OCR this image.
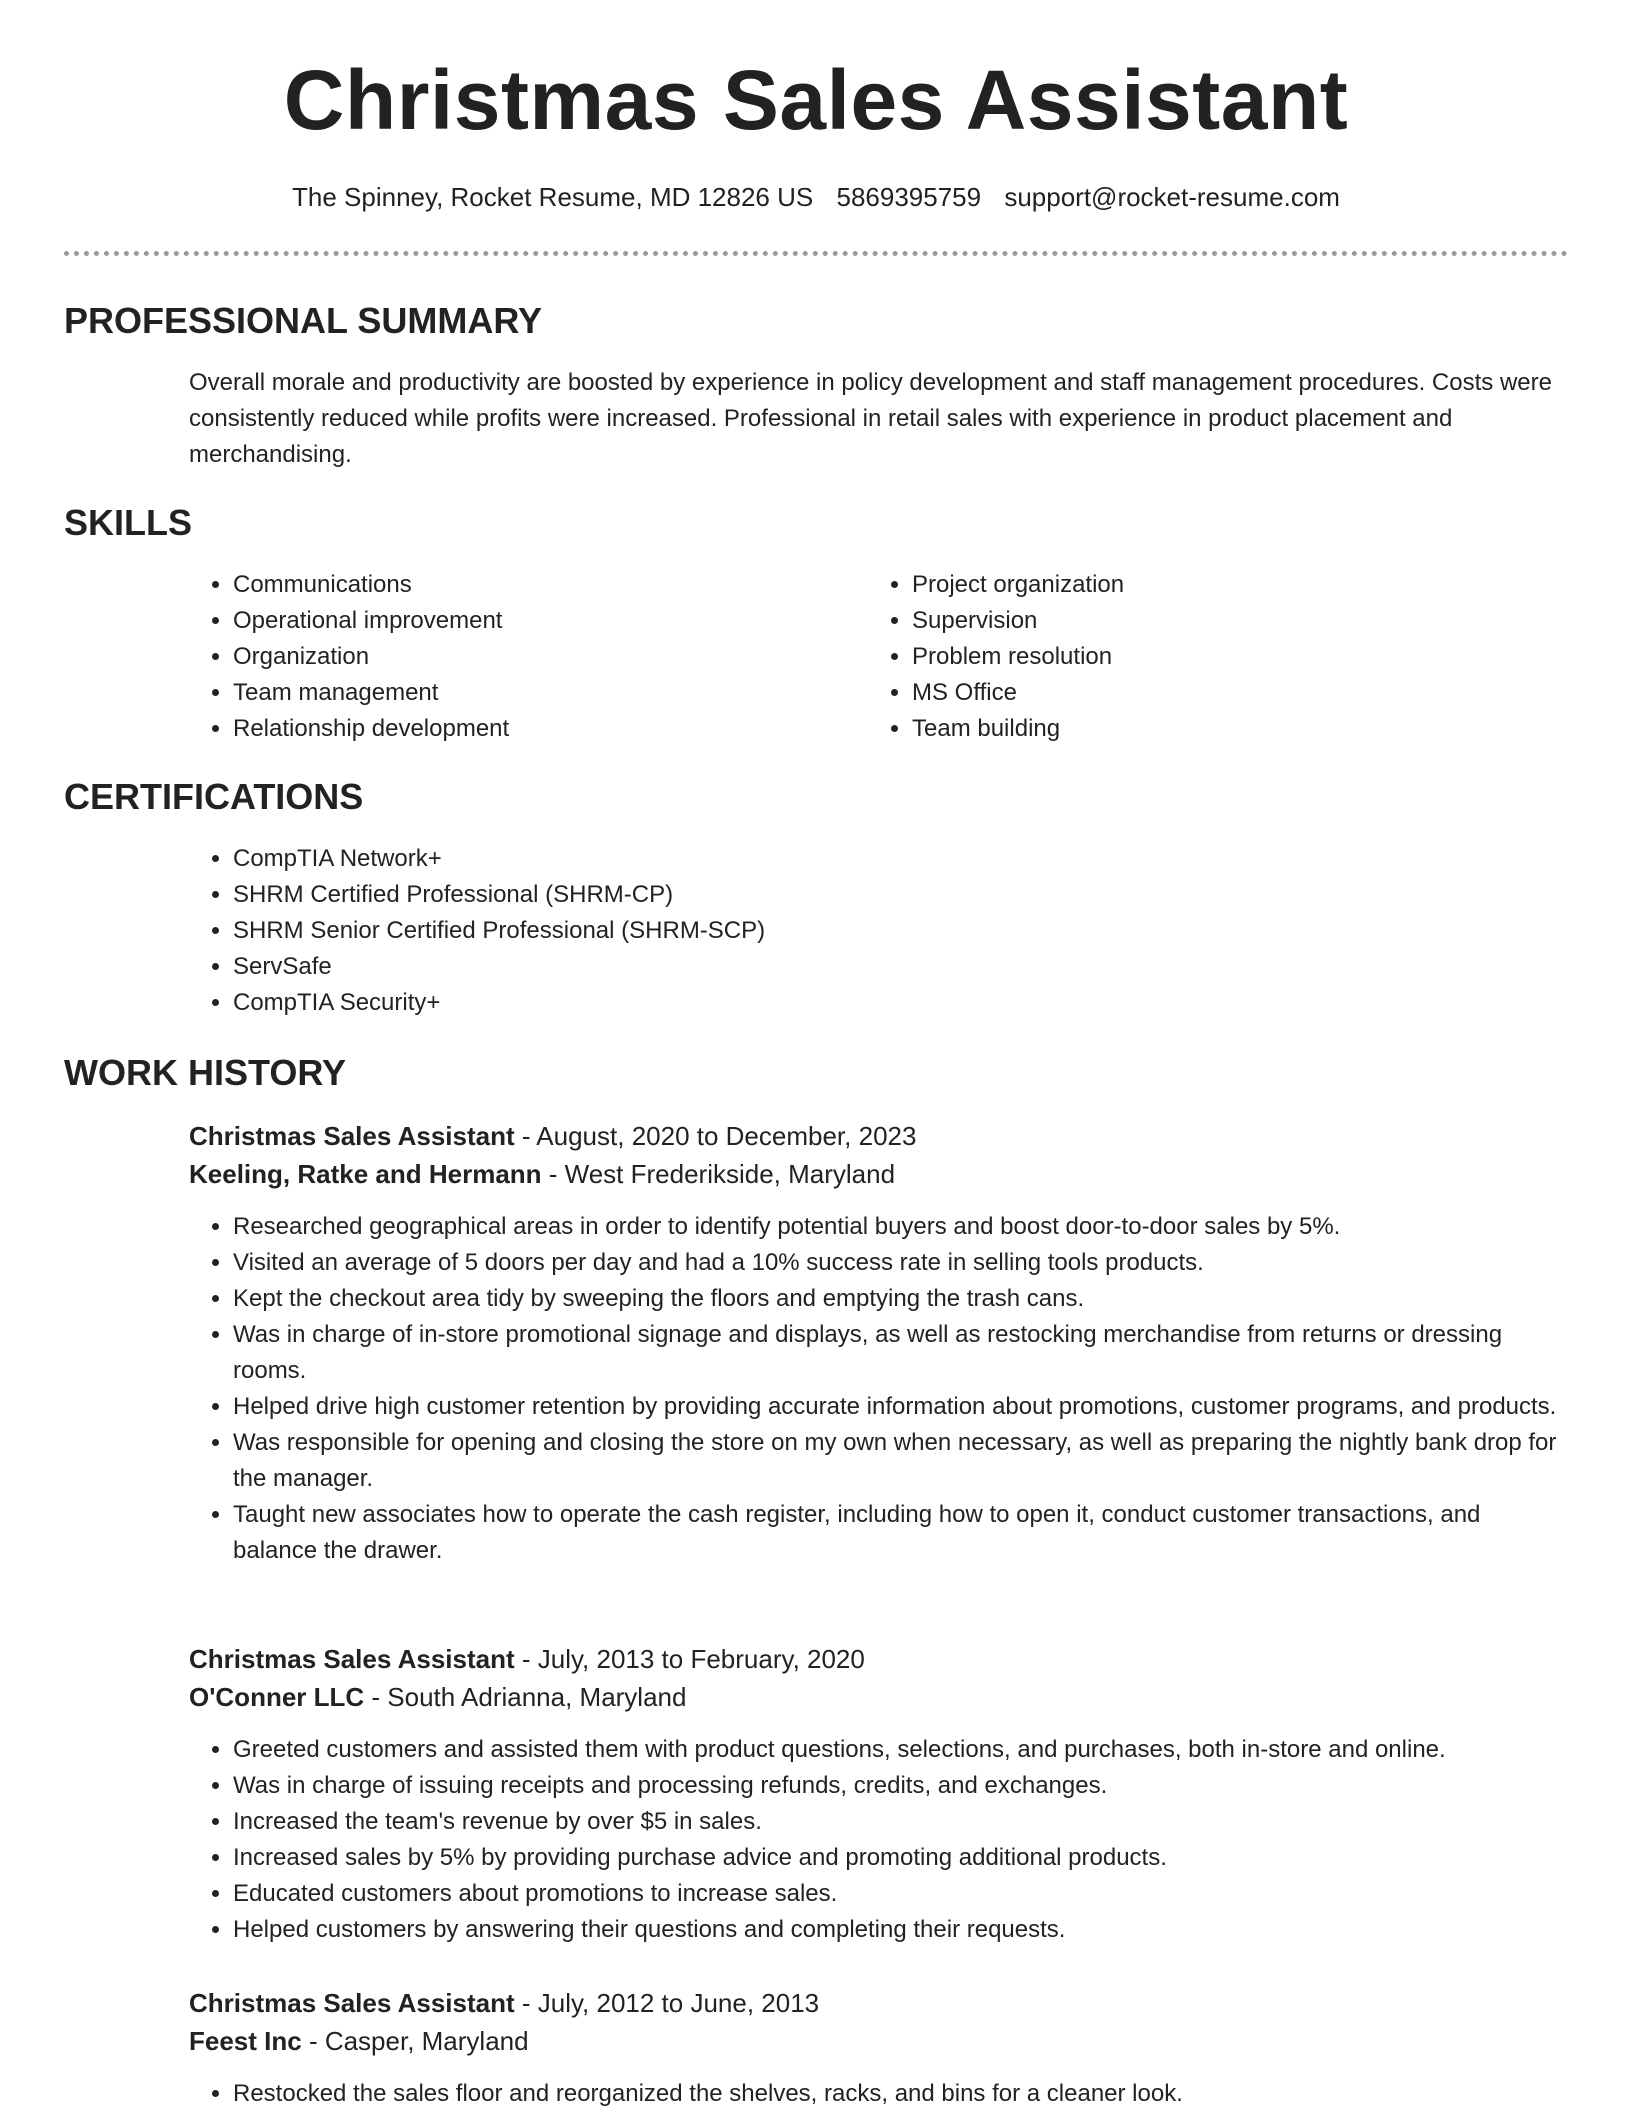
Christmas Sales Assistant
The Spinney, Rocket Resume, MD 12826 US 5869395759 support@rocket-resume.com
PROFESSIONAL SUMMARY

Overall morale and productivity are boosted by experience in policy development and staff management procedures. Costs were consistently reduced while profits were increased. Professional in retail sales with experience in product placement and merchandising.

SKILLS
• Communications
• Operational improvement
• Organization
• Team management
• Relationship development
• Project organization
• Supervision
• Problem resolution
• MS Office
• Team building
CERTIFICATIONS
• CompTIA Network+
• SHRM Certified Professional (SHRM-CP)
• SHRM Senior Certified Professional (SHRM-SCP)
• ServSafe
• CompTIA Security+
WORK HISTORY

Christmas Sales Assistant - August, 2020 to December, 2023

Keeling, Ratke and Hermann - West Frederikside, Maryland

• Researched geographical areas in order to identify potential buyers and boost door-to-door sales by 5%.
• Visited an average of 5 doors per day and had a 10% success rate in selling tools products.
• Kept the checkout area tidy by sweeping the floors and emptying the trash cans.
• Was in charge of in-store promotional signage and displays, as well as restocking merchandise from returns or dressing rooms.
• Helped drive high customer retention by providing accurate information about promotions, customer programs, and products.
• Was responsible for opening and closing the store on my own when necessary, as well as preparing the nightly bank drop for the manager.
• Taught new associates how to operate the cash register, including how to open it, conduct customer transactions, and balance the drawer.

Christmas Sales Assistant - July, 2013 to February, 2020

O'Conner LLC - South Adrianna, Maryland

• Greeted customers and assisted them with product questions, selections, and purchases, both in-store and online.
• Was in charge of issuing receipts and processing refunds, credits, and exchanges.
• Increased the team's revenue by over $5 in sales.
• Increased sales by 5% by providing purchase advice and promoting additional products.
• Educated customers about promotions to increase sales.
• Helped customers by answering their questions and completing their requests.

Christmas Sales Assistant - July, 2012 to June, 2013

Feest Inc - Casper, Maryland

• Restocked the sales floor and reorganized the shelves, racks, and bins for a cleaner look.
